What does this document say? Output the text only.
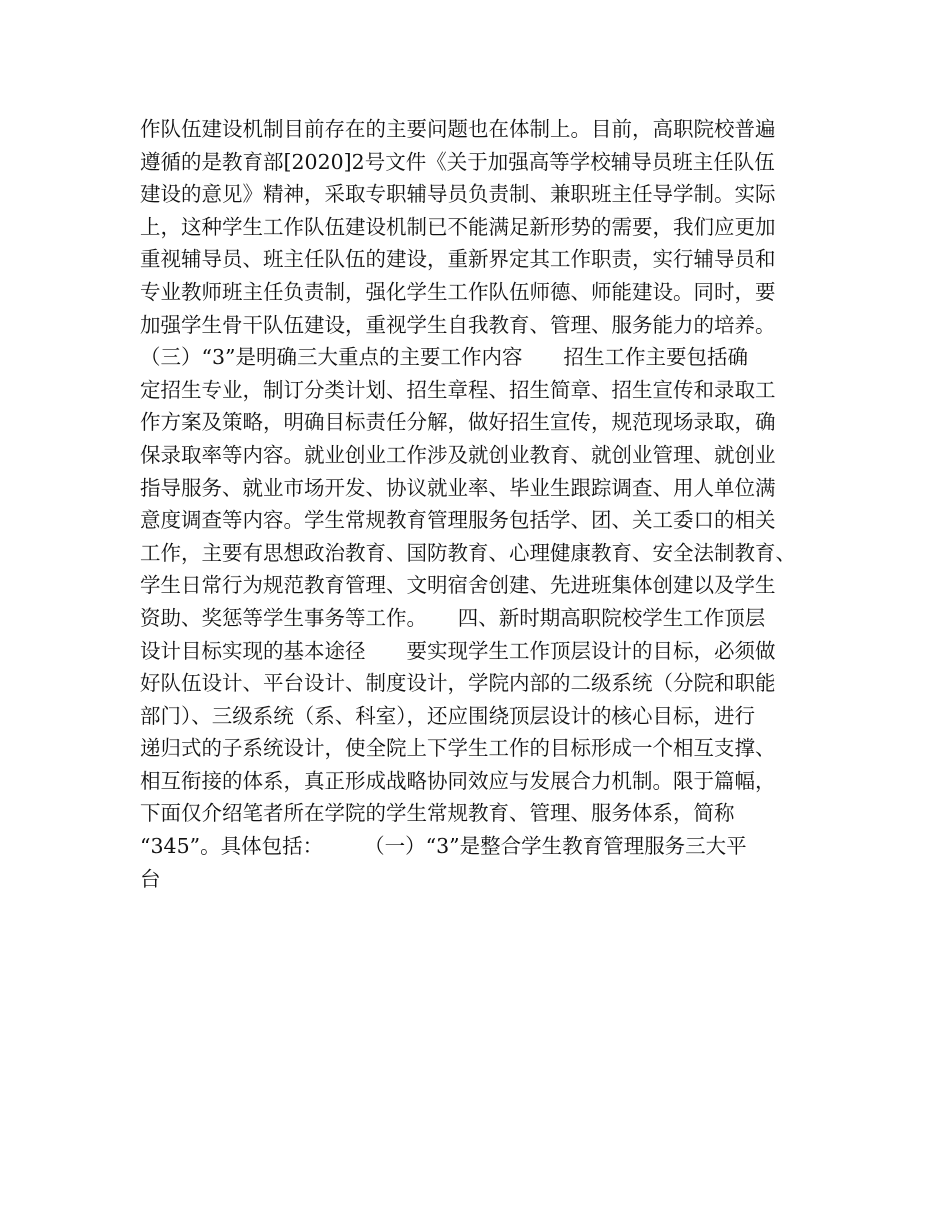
作队伍建设机制目前存在的主要问题也在体制上。目前，高职院校普遍
遵循的是教育部[2020]2号文件《关于加强高等学校辅导员班主任队伍
建设的意见》精神，采取专职辅导员负责制、兼职班主任导学制。实际
上，这种学生工作队伍建设机制已不能满足新形势的需要，我们应更加
重视辅导员、班主任队伍的建设，重新界定其工作职责，实行辅导员和
专业教师班主任负责制，强化学生工作队伍师德、师能建设。同时，要
加强学生骨干队伍建设，重视学生自我教育、管理、服务能力的培养。
（三）“3”是明确三大重点的主要工作内容　　招生工作主要包括确
定招生专业，制订分类计划、招生章程、招生简章、招生宣传和录取工
作方案及策略，明确目标责任分解，做好招生宣传，规范现场录取，确
保录取率等内容。就业创业工作涉及就创业教育、就创业管理、就创业
指导服务、就业市场开发、协议就业率、毕业生跟踪调查、用人单位满
意度调查等内容。学生常规教育管理服务包括学、团、关工委口的相关
工作，主要有思想政治教育、国防教育、心理健康教育、安全法制教育、
学生日常行为规范教育管理、文明宿舍创建、先进班集体创建以及学生
资助、奖惩等学生事务等工作。　　四、新时期高职院校学生工作顶层
设计目标实现的基本途径　　要实现学生工作顶层设计的目标，必须做
好队伍设计、平台设计、制度设计，学院内部的二级系统（分院和职能
部门）、三级系统（系、科室），还应围绕顶层设计的核心目标，进行
递归式的子系统设计，使全院上下学生工作的目标形成一个相互支撑、
相互衔接的体系，真正形成战略协同效应与发展合力机制。限于篇幅，
下面仅介绍笔者所在学院的学生常规教育、管理、服务体系，简称
“345”。具体包括：　　　（一）“3”是整合学生教育管理服务三大平
台
